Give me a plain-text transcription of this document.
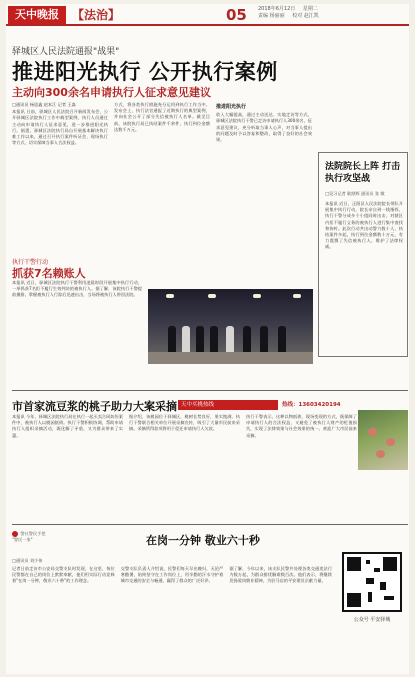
天中晚报	【法治】	05 2018年6月12日 星期二
责编 杨丽丽 校对 赵江凯
驿城区人民法院通报"战果"
推进阳光执行 公开执行案例
主动向300余名申请执行人征求意见建议
□通讯员 杨思鑫 赵本江 记者 王淼
本报讯 日前，驿城区人民法院召开新闻发布会，公开驿城区法院执行工作中典型案例，执行人员通过主动向申请执行人征求意见，进一步推进阳光执行。据悉，驿城区法院执行局自开展基本解决执行难工作以来，通过召开执行案件听证会、现场执行等方式，切实保障当事人合法权益。
方式，将各类执行措施充分运用到执行工作当中。发布会上，执行法官通报了近期执行的典型案例，并向社会公开了部分失信被执行人名单。截至目前，该院执行局已执结案件千余件，执行到位金额达数千万元。
推进阳光执行
收入大幅提高，通过主动送达、实地走访等方式，驿城区法院执行干警已走访申请执行人300余名，征求意见建议，充分听取当事人心声，对当事人提出的问题及时予以答复和整改，取得了良好的社会效果。
法院院长上阵 打击执行攻坚战
□见习记者 耿照辉 通讯员 张 敏
本报讯 近日，正阳县人民法院院长带队开展集中执行行动，院长亲自到一线指挥，执行干警分成多个小组同时出击，对辖区内拒不履行义务的被执行人进行集中查找和拘传。此次行动共出动警力数十人，执结案件多起，执行到位金额数十万元，有力震慑了失信被执行人，维护了法律权威。
执行干警行动
抓获7名赖账人
本报讯 近日，驿城区法院执行干警利用凌晨时段开展集中执行行动，一举抓获7名拒不履行生效判决的被执行人。据了解，该院执行干警提前摸排，掌握被执行人行踪后迅速出击，当场将被执行人带回法院。
市首家流豆浆的桃子助力大案采摘 天中买桃热线	热线：13603420194
本报讯 今年，驿城区法院执行局在执行一起买卖合同纠纷案件中，被执行人以桃园抵债。执行干警积极协调，帮助申请执行人组织采摘活动，既化解了矛盾，又为群众带来了实惠。
据介绍，该桃园位于驿城区，桃树长势良好，果实饱满。执行干警联合相关单位开展采摘宣传，吸引了大量市民前来采摘。采摘所得款项将用于偿还申请执行人欠款。
执行干警表示，这种以物抵债、现场变现的方式，既保障了申请执行人的合法权益，又避免了被执行人财产的贬值损失，实现了法律效果与社会效果的统一。欢迎广大市民前来采摘。
警社警民手把 "警民一家"	在岗一分钟 敬业六十秒
□通讯员 刘少伟
记者日前走访市公安局交警支队时发现，在这里，每位民警都在自己的岗位上默默奉献，他们用实际行动诠释着"在岗一分钟，敬业六十秒"的工作理念。
交警支队负责人介绍说，民警们每天早出晚归，无论严寒酷暑，始终坚守在工作岗位上，用辛勤的汗水守护着城市交通的安全与畅通，赢得了群众的广泛好评。
据了解，今年以来，该支队民警共处理各类交通违法行为数万起，为群众排忧解难数百次。他们表示，将继续发扬爱岗敬业精神，为驻马店的平安建设贡献力量。
公众号 平安驿城
